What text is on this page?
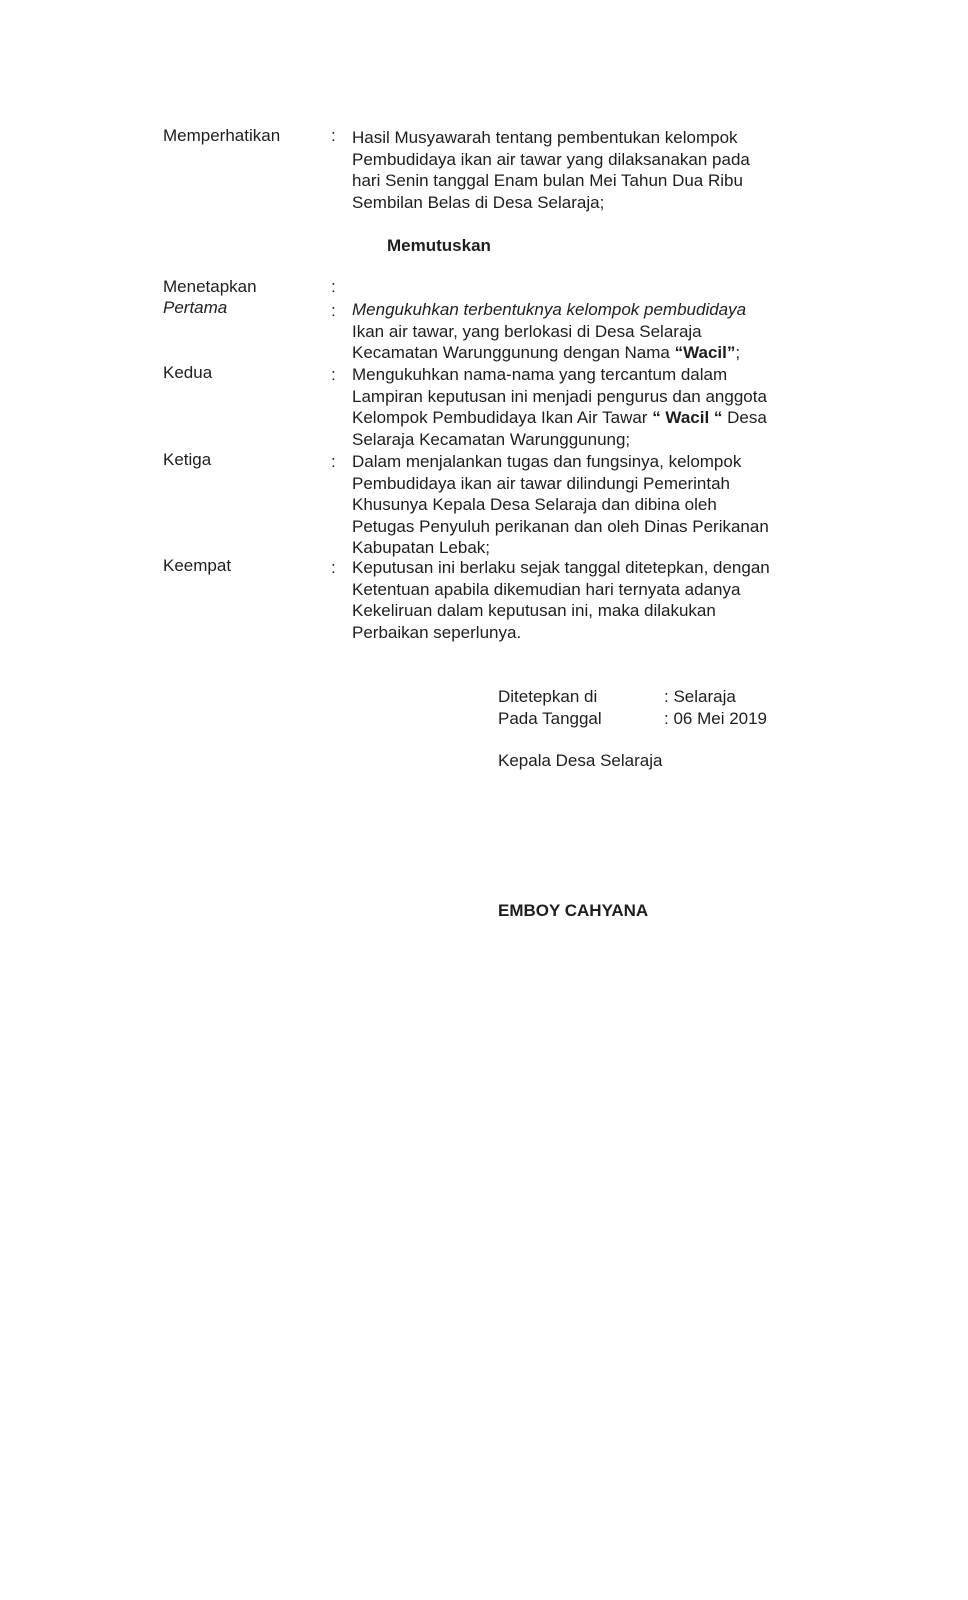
Memperhatikan	: Hasil Musyawarah tentang pembentukan kelompok
Pembudidaya ikan air tawar yang dilaksanakan pada
hari Senin tanggal Enam bulan Mei Tahun Dua Ribu
Sembilan Belas di Desa Selaraja;
Memutuskan
Menetapkan	:
Pertama	: Mengukuhkan terbentuknya kelompok pembudidaya
Ikan air tawar, yang berlokasi di Desa Selaraja
Kecamatan Warunggunung dengan Nama “Wacil”;
Kedua	: Mengukuhkan nama-nama yang tercantum dalam
Lampiran keputusan ini menjadi pengurus dan anggota
Kelompok Pembudidaya Ikan Air Tawar “ Wacil “ Desa
Selaraja Kecamatan Warunggunung;
Ketiga	: Dalam menjalankan tugas dan fungsinya, kelompok
Pembudidaya ikan air tawar dilindungi Pemerintah
Khusunya Kepala Desa Selaraja dan dibina oleh
Petugas Penyuluh perikanan dan oleh Dinas Perikanan
Kabupatan Lebak;
Keempat	: Keputusan ini berlaku sejak tanggal ditetepkan, dengan
Ketentuan apabila dikemudian hari ternyata adanya
Kekeliruan dalam keputusan ini, maka dilakukan
Perbaikan seperlunya.
Ditetepkan di	: Selaraja
Pada Tanggal	: 06 Mei 2019
Kepala Desa Selaraja
EMBOY CAHYANA
